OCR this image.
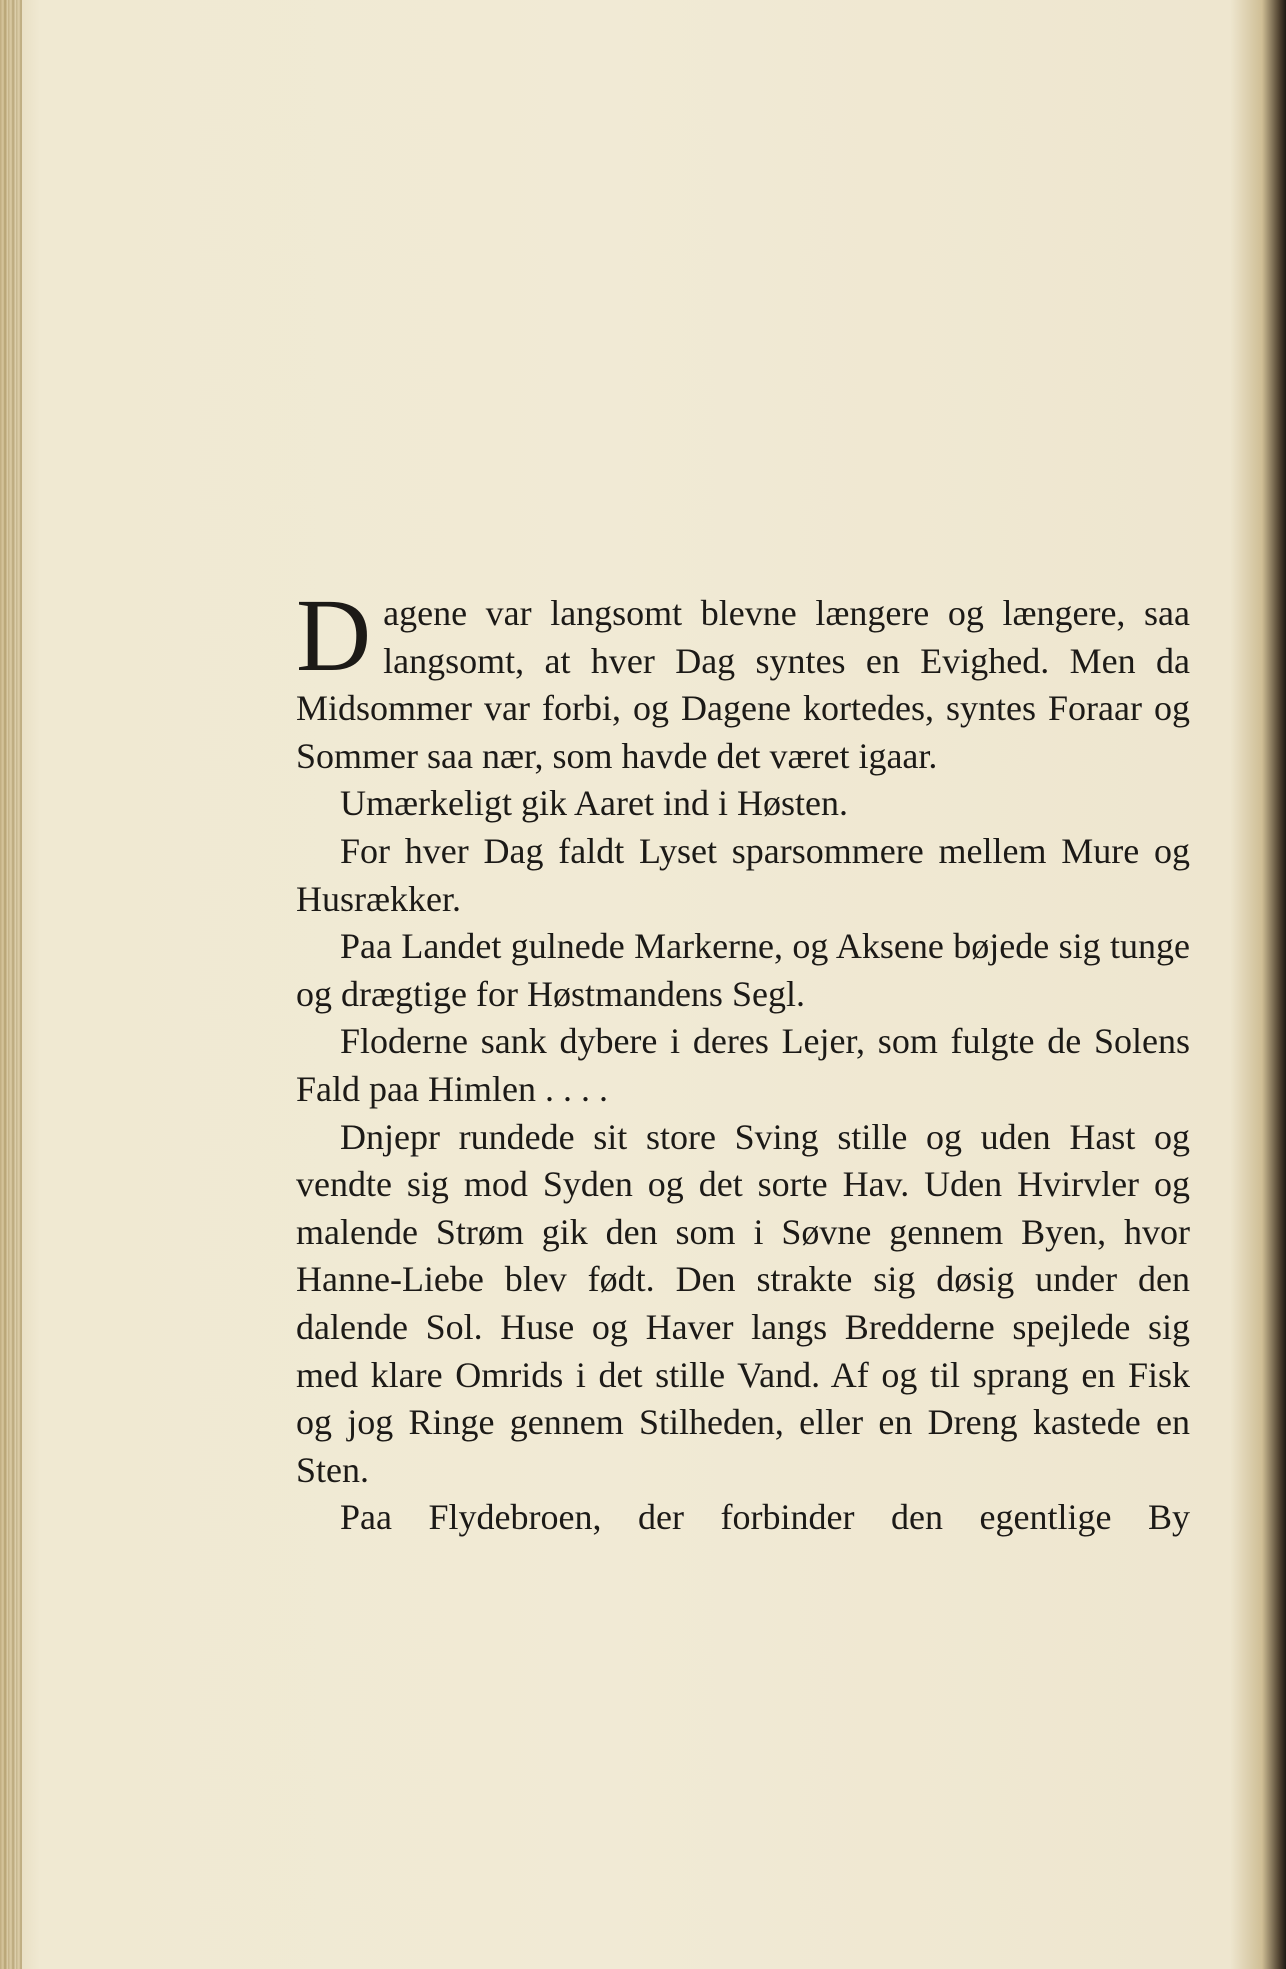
Dagene var langsomt blevne længere og længere, saa langsomt, at hver Dag syntes en Evighed. Men da Midsommer var forbi, og Dagene kortedes, syntes Foraar og Sommer saa nær, som havde det været igaar.

Umærkeligt gik Aaret ind i Høsten.

For hver Dag faldt Lyset sparsommere mellem Mure og Husrækker.

Paa Landet gulnede Markerne, og Aksene bøjede sig tunge og drægtige for Høstmandens Segl.

Floderne sank dybere i deres Lejer, som fulgte de Solens Fald paa Himlen . . . .

Dnjepr rundede sit store Sving stille og uden Hast og vendte sig mod Syden og det sorte Hav. Uden Hvirvler og malende Strøm gik den som i Søvne gennem Byen, hvor Hanne-Liebe blev født. Den strakte sig døsig under den dalende Sol. Huse og Haver langs Bredderne spejlede sig med klare Omrids i det stille Vand. Af og til sprang en Fisk og jog Ringe gennem Stilheden, eller en Dreng kastede en Sten.

Paa Flydebroen, der forbinder den egentlige By
